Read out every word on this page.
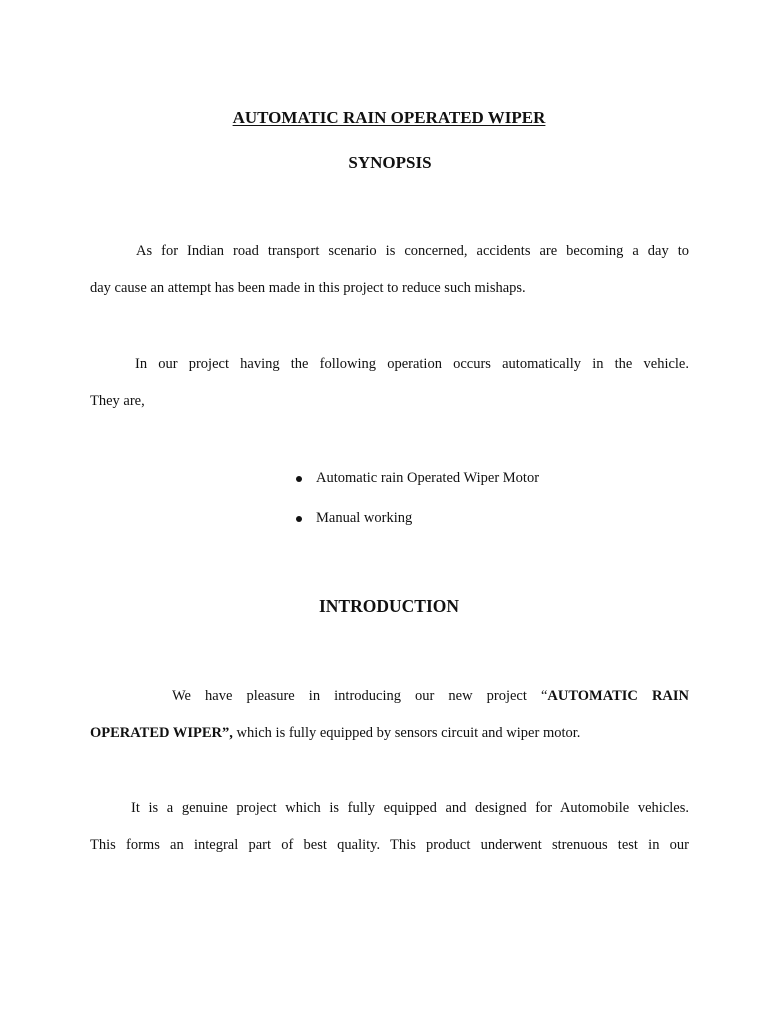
AUTOMATIC RAIN OPERATED WIPER
SYNOPSIS
As for Indian road transport scenario is concerned, accidents are becoming a day to
day cause an attempt has been made in this project to reduce such mishaps.
In our project having the following operation occurs automatically in the vehicle.
They are,
Automatic rain Operated Wiper Motor
Manual working
INTRODUCTION
We have pleasure in introducing our new project “AUTOMATIC RAIN
OPERATED WIPER”, which is fully equipped by sensors circuit and wiper motor.
It is a genuine project which is fully equipped and designed for Automobile vehicles.
This forms an integral part of best quality. This product underwent strenuous test in our
